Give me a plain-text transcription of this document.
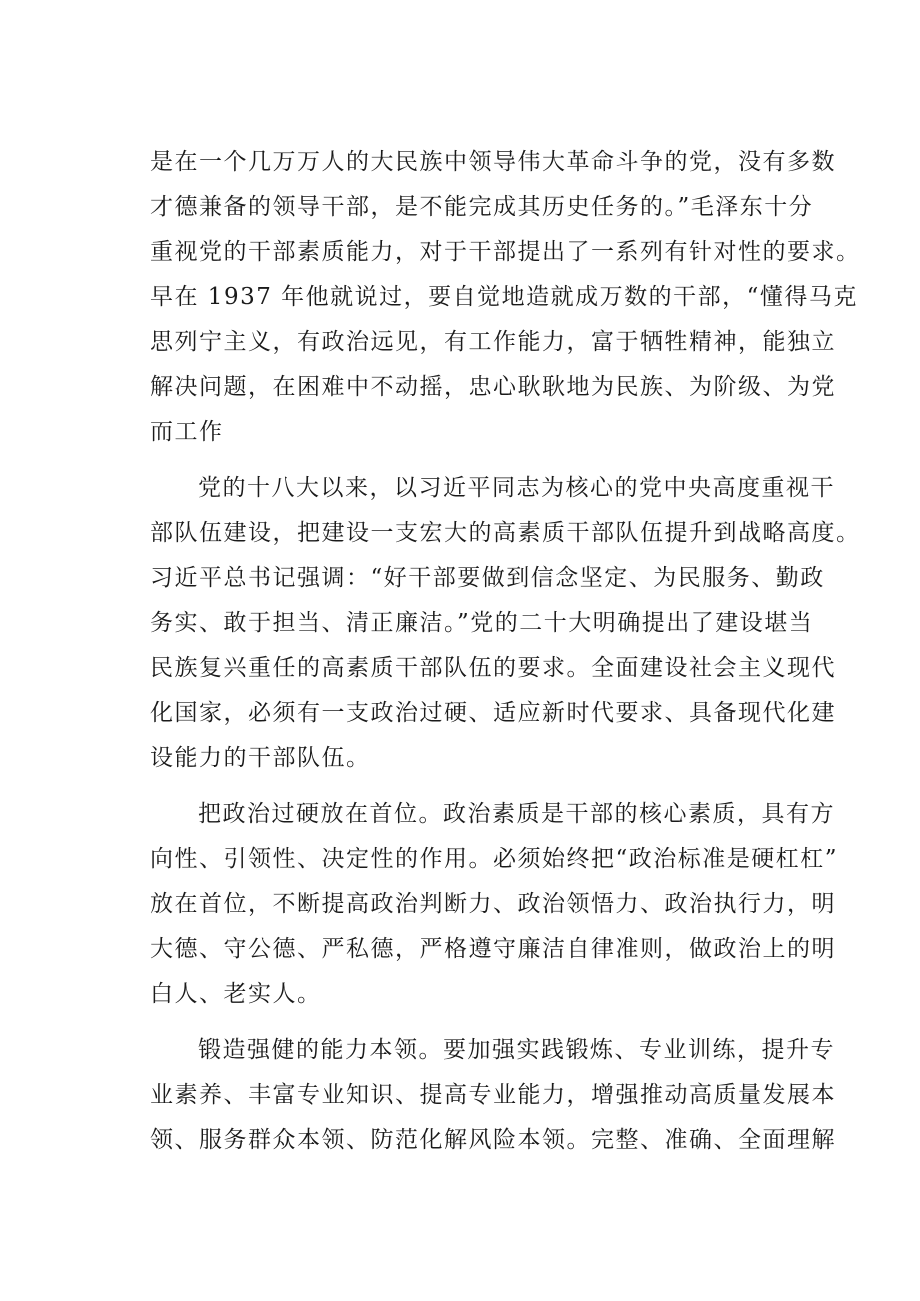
是在一个几万万人的大民族中领导伟大革命斗争的党，没有多数
才德兼备的领导干部，是不能完成其历史任务的。”毛泽东十分
重视党的干部素质能力，对于干部提出了一系列有针对性的要求。
早在 1937 年他就说过，要自觉地造就成万数的干部，“懂得马克
思列宁主义，有政治远见，有工作能力，富于牺牲精神，能独立
解决问题，在困难中不动摇，忠心耿耿地为民族、为阶级、为党
而工作
党的十八大以来，以习近平同志为核心的党中央高度重视干
部队伍建设，把建设一支宏大的高素质干部队伍提升到战略高度。
习近平总书记强调：“好干部要做到信念坚定、为民服务、勤政
务实、敢于担当、清正廉洁。”党的二十大明确提出了建设堪当
民族复兴重任的高素质干部队伍的要求。全面建设社会主义现代
化国家，必须有一支政治过硬、适应新时代要求、具备现代化建
设能力的干部队伍。
把政治过硬放在首位。政治素质是干部的核心素质，具有方
向性、引领性、决定性的作用。必须始终把“政治标准是硬杠杠”
放在首位，不断提高政治判断力、政治领悟力、政治执行力，明
大德、守公德、严私德，严格遵守廉洁自律准则，做政治上的明
白人、老实人。
锻造强健的能力本领。要加强实践锻炼、专业训练，提升专
业素养、丰富专业知识、提高专业能力，增强推动高质量发展本
领、服务群众本领、防范化解风险本领。完整、准确、全面理解
